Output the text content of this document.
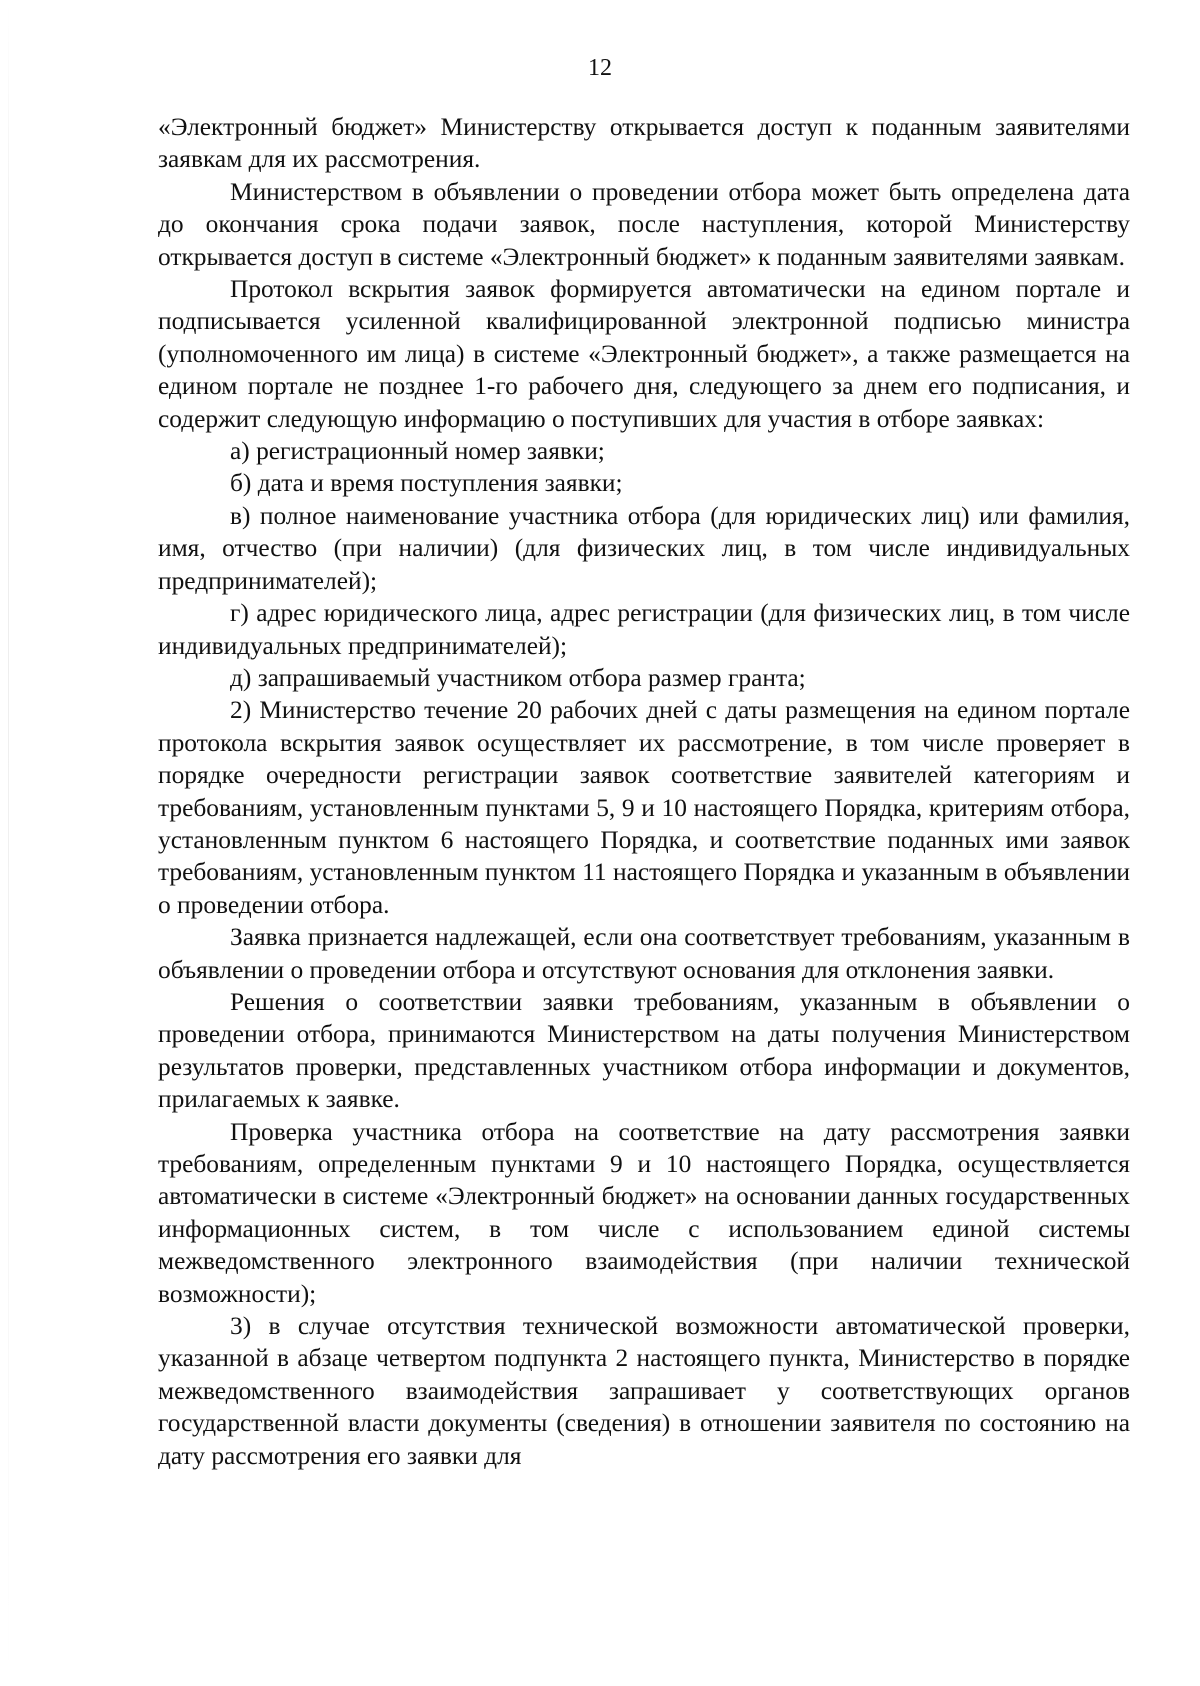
12

«Электронный бюджет» Министерству открывается доступ к поданным заявителями заявкам для их рассмотрения.

Министерством в объявлении о проведении отбора может быть определена дата до окончания срока подачи заявок, после наступления, которой Министерству открывается доступ в системе «Электронный бюджет» к поданным заявителями заявкам.

Протокол вскрытия заявок формируется автоматически на едином портале и подписывается усиленной квалифицированной электронной подписью министра (уполномоченного им лица) в системе «Электронный бюджет», а также размещается на едином портале не позднее 1-го рабочего дня, следующего за днем его подписания, и содержит следующую информацию о поступивших для участия в отборе заявках:

а) регистрационный номер заявки;

б) дата и время поступления заявки;

в) полное наименование участника отбора (для юридических лиц) или фамилия, имя, отчество (при наличии) (для физических лиц, в том числе индивидуальных предпринимателей);

г) адрес юридического лица, адрес регистрации (для физических лиц, в том числе индивидуальных предпринимателей);

д) запрашиваемый участником отбора размер гранта;

2) Министерство течение 20 рабочих дней с даты размещения на едином портале протокола вскрытия заявок осуществляет их рассмотрение, в том числе проверяет в порядке очередности регистрации заявок соответствие заявителей категориям и требованиям, установленным пунктами 5, 9 и 10 настоящего Порядка, критериям отбора, установленным пунктом 6 настоящего Порядка, и соответствие поданных ими заявок требованиям, установленным пунктом 11 настоящего Порядка и указанным в объявлении о проведении отбора.

Заявка признается надлежащей, если она соответствует требованиям, указанным в объявлении о проведении отбора и отсутствуют основания для отклонения заявки.

Решения о соответствии заявки требованиям, указанным в объявлении о проведении отбора, принимаются Министерством на даты получения Министерством результатов проверки, представленных участником отбора информации и документов, прилагаемых к заявке.

Проверка участника отбора на соответствие на дату рассмотрения заявки требованиям, определенным пунктами 9 и 10 настоящего Порядка, осуществляется автоматически в системе «Электронный бюджет» на основании данных государственных информационных систем, в том числе с использованием единой системы межведомственного электронного взаимодействия (при наличии технической возможности);

3) в случае отсутствия технической возможности автоматической проверки, указанной в абзаце четвертом подпункта 2 настоящего пункта, Министерство в порядке межведомственного взаимодействия запрашивает у соответствующих органов государственной власти документы (сведения) в отношении заявителя по состоянию на дату рассмотрения его заявки для
